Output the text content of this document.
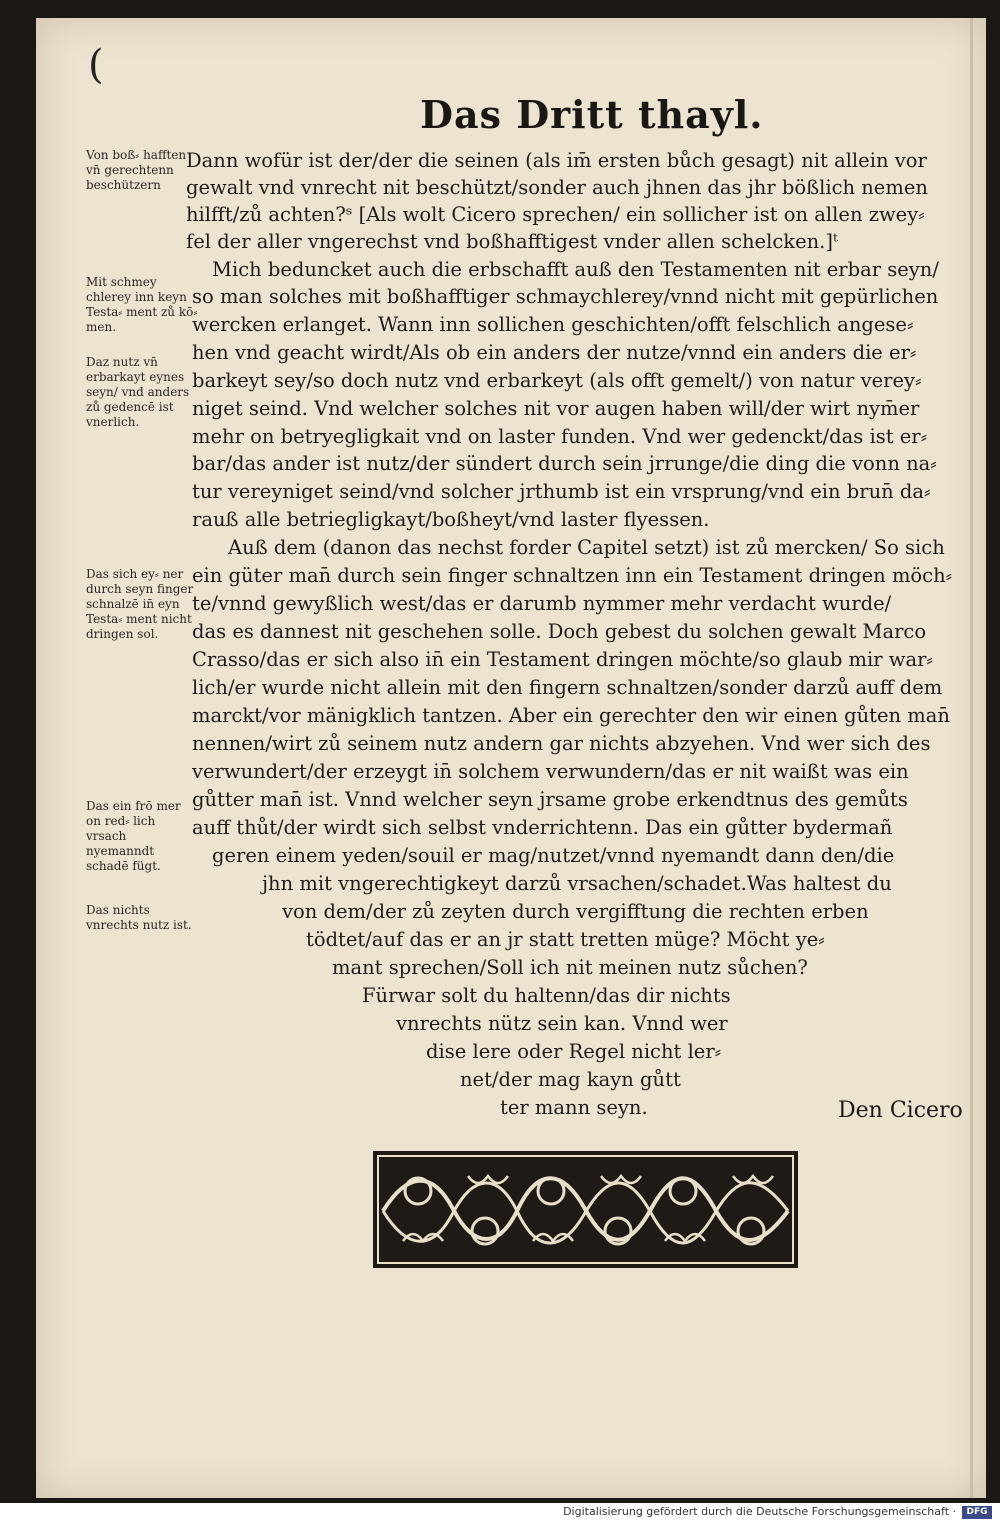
(
Das Dritt thayl.
Von boß⸗ hafften vn̄ gerechtenn beschützern
Mit schmey chlerey inn keyn Testa⸗ ment zů kō⸗ men.
Daz nutz vn̄ erbarkayt eynes seyn/ vnd anders zů gedencē ist vnerlich.
Das sich ey⸗ ner durch seyn finger schnalzē in̄ eyn Testa⸗ ment nicht dringen sol.
Das ein frō mer on red⸗ lich vrsach nyemanndt schadē fügt.
Das nichts vnrechts nutz ist.
Dann wofür ist der/der die seinen (als im̄ ersten bůch gesagt) nit allein vor
gewalt vnd vnrecht nit beschützt/sonder auch jhnen das jhr bößlich nemen
hilfft/zů achten?ˢ [Als wolt Cicero sprechen/ ein sollicher ist on allen zwey⸗
fel der aller vngerechst vnd boßhafftigest vnder allen schelcken.]ᵗ
Mich beduncket auch die erbschafft auß den Testamenten nit erbar seyn/
so man solches mit boßhafftiger schmaychlerey/vnnd nicht mit gepürlichen
wercken erlanget. Wann inn sollichen geschichten/offt felschlich angese⸗
hen vnd geacht wirdt/Als ob ein anders der nutze/vnnd ein anders die er⸗
barkeyt sey/so doch nutz vnd erbarkeyt (als offt gemelt/) von natur verey⸗
niget seind. Vnd welcher solches nit vor augen haben will/der wirt nym̄er
mehr on betryegligkait vnd on laster funden. Vnd wer gedenckt/das ist er⸗
bar/das ander ist nutz/der sündert durch sein jrrunge/die ding die vonn na⸗
tur vereyniget seind/vnd solcher jrthumb ist ein vrsprung/vnd ein brun̄ da⸗
rauß alle betriegligkayt/boßheyt/vnd laster flyessen.
Auß dem (danon das nechst forder Capitel setzt) ist zů mercken/ So sich
ein güter man̄ durch sein finger schnaltzen inn ein Testament dringen möch⸗
te/vnnd gewyßlich west/das er darumb nymmer mehr verdacht wurde/
das es dannest nit geschehen solle. Doch gebest du solchen gewalt Marco
Crasso/das er sich also in̄ ein Testament dringen möchte/so glaub mir war⸗
lich/er wurde nicht allein mit den fingern schnaltzen/sonder darzů auff dem
marckt/vor mänigklich tantzen. Aber ein gerechter den wir einen gůten man̄
nennen/wirt zů seinem nutz andern gar nichts abzyehen. Vnd wer sich des
verwundert/der erzeygt in̄ solchem verwundern/das er nit waißt was ein
gůtter man̄ ist. Vnnd welcher seyn jrsame grobe erkendtnus des gemůts
auff thůt/der wirdt sich selbst vnderrichtenn. Das ein gůtter bydermañ
geren einem yeden/souil er mag/nutzet/vnnd nyemandt dann den/die
jhn mit vngerechtigkeyt darzů vrsachen/schadet.Was haltest du
von dem/der zů zeyten durch vergifftung die rechten erben
tödtet/auf das er an jr statt tretten müge? Möcht ye⸗
mant sprechen/Soll ich nit meinen nutz sůchen?
Fürwar solt du haltenn/das dir nichts
vnrechts nütz sein kan. Vnnd wer
dise lere oder Regel nicht ler⸗
net/der mag kayn gůtt
ter mann seyn.	Den Cicero
Digitalisierung gefördert durch die Deutsche Forschungsgemeinschaft ·	DFG
